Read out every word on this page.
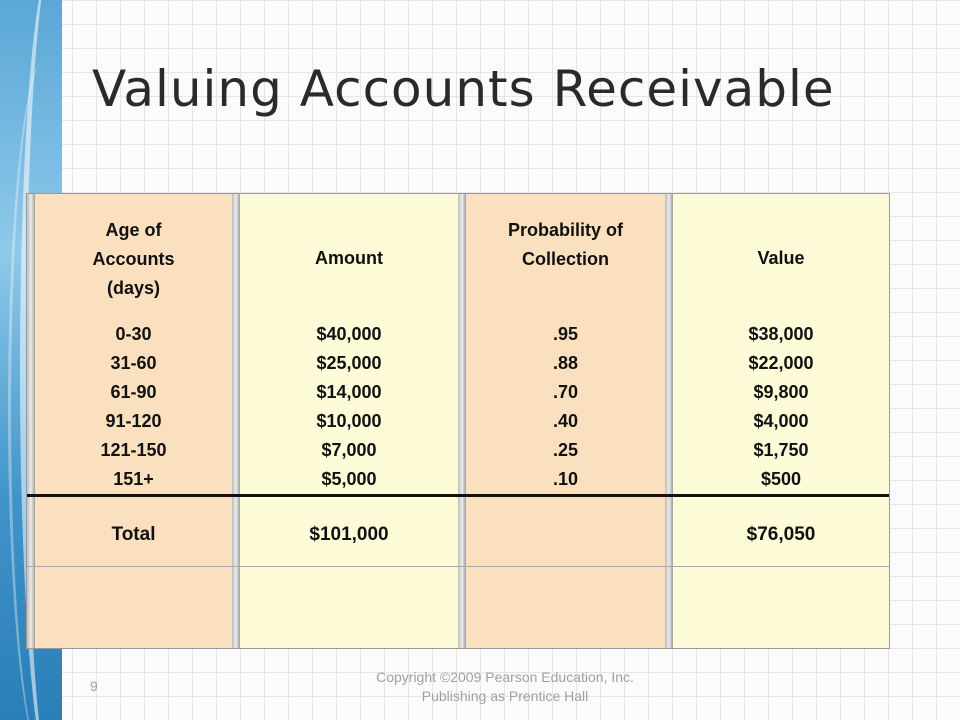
Valuing Accounts Receivable
Age of
Accounts
(days)
0-30
31-60
61-90
91-120
121-150
151+
Total
Amount
$40,000
$25,000
$14,000
$10,000
$7,000
$5,000
$101,000
Probability of
Collection
.95
.88
.70
.40
.25
.10
Value
$38,000
$22,000
$9,800
$4,000
$1,750
$500
$76,050
9
Copyright ©2009 Pearson Education, Inc. Publishing as Prentice Hall
